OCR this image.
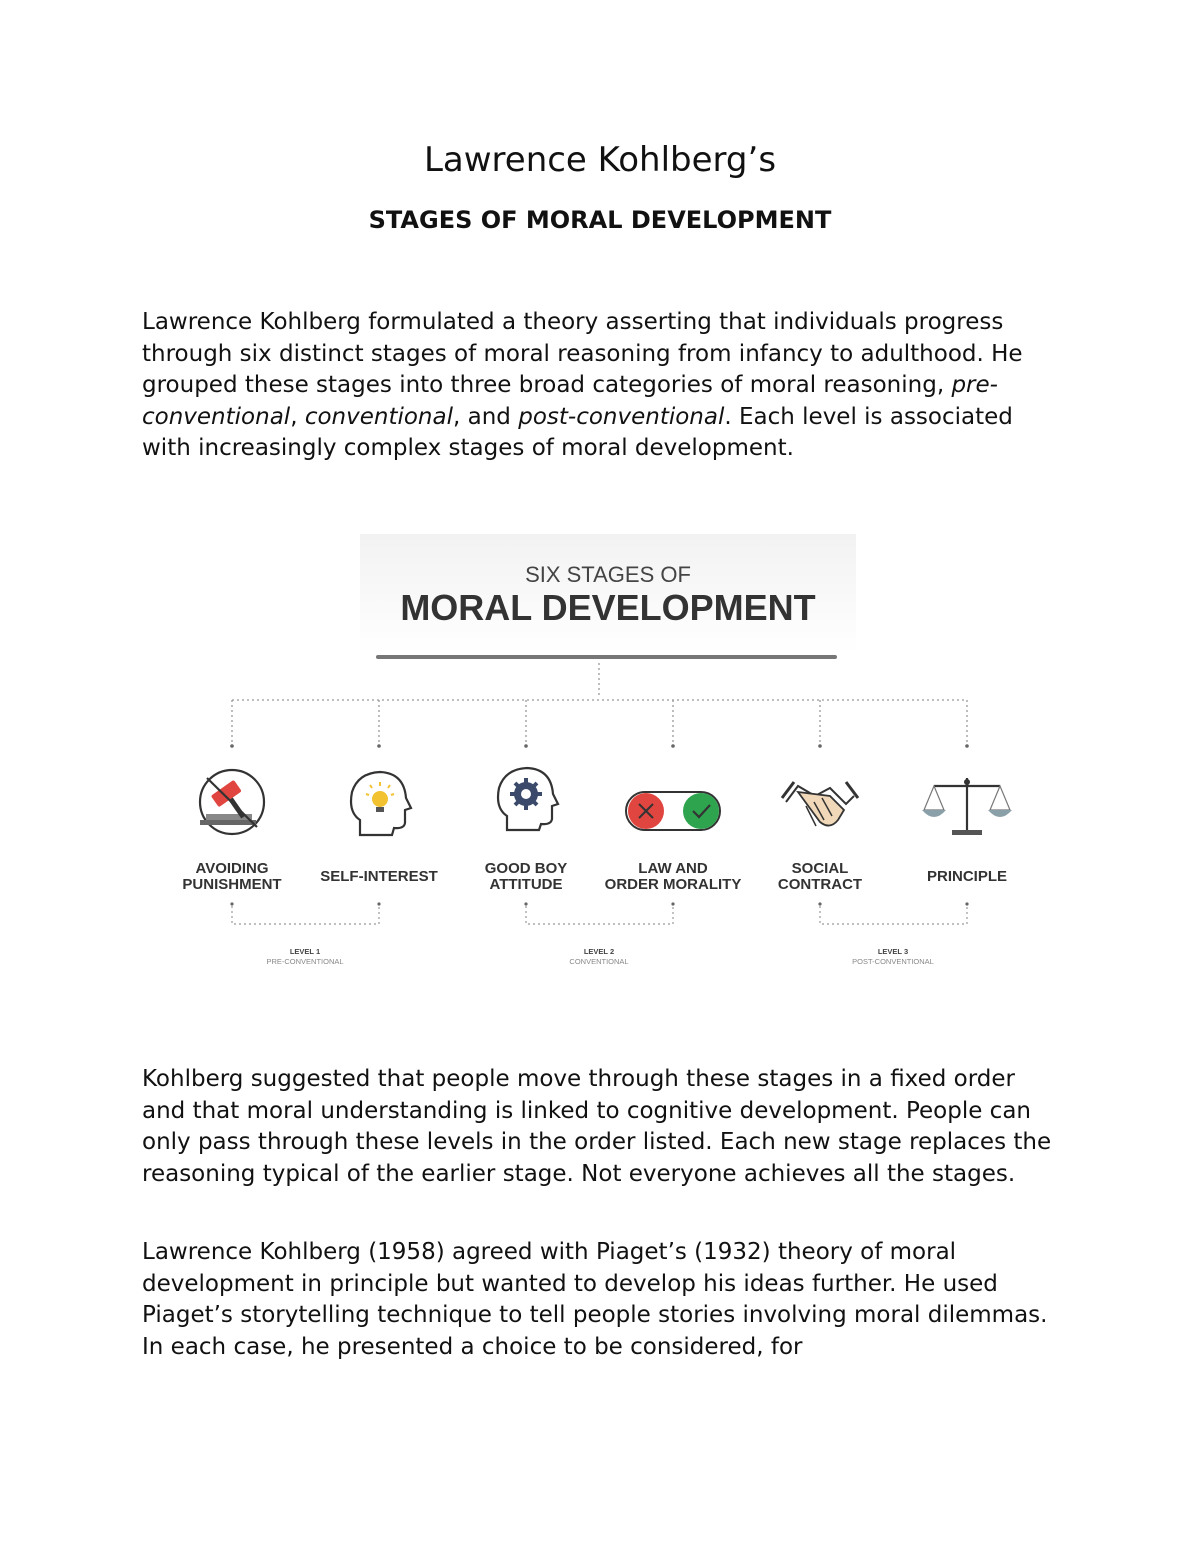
Lawrence Kohlberg’s
STAGES OF MORAL DEVELOPMENT

Lawrence Kohlberg formulated a theory asserting that individuals progress through six distinct stages of moral reasoning from infancy to adulthood. He grouped these stages into three broad categories of moral reasoning, pre-conventional, conventional, and post-conventional. Each level is associated with increasingly complex stages of moral development.

SIX STAGES OF
MORAL DEVELOPMENT
AVOIDING
PUNISHMENT	SELF-INTEREST	GOOD BOY
ATTITUDE
LAW AND
ORDER MORALITY
SOCIAL
CONTRACT	PRINCIPLE
LEVEL 1
PRE-CONVENTIONAL
LEVEL 2
CONVENTIONAL
LEVEL 3
POST-CONVENTIONAL

Kohlberg suggested that people move through these stages in a fixed order and that moral understanding is linked to cognitive development. People can only pass through these levels in the order listed. Each new stage replaces the reasoning typical of the earlier stage. Not everyone achieves all the stages.

Lawrence Kohlberg (1958) agreed with Piaget’s (1932) theory of moral development in principle but wanted to develop his ideas further. He used Piaget’s storytelling technique to tell people stories involving moral dilemmas. In each case, he presented a choice to be considered, for
